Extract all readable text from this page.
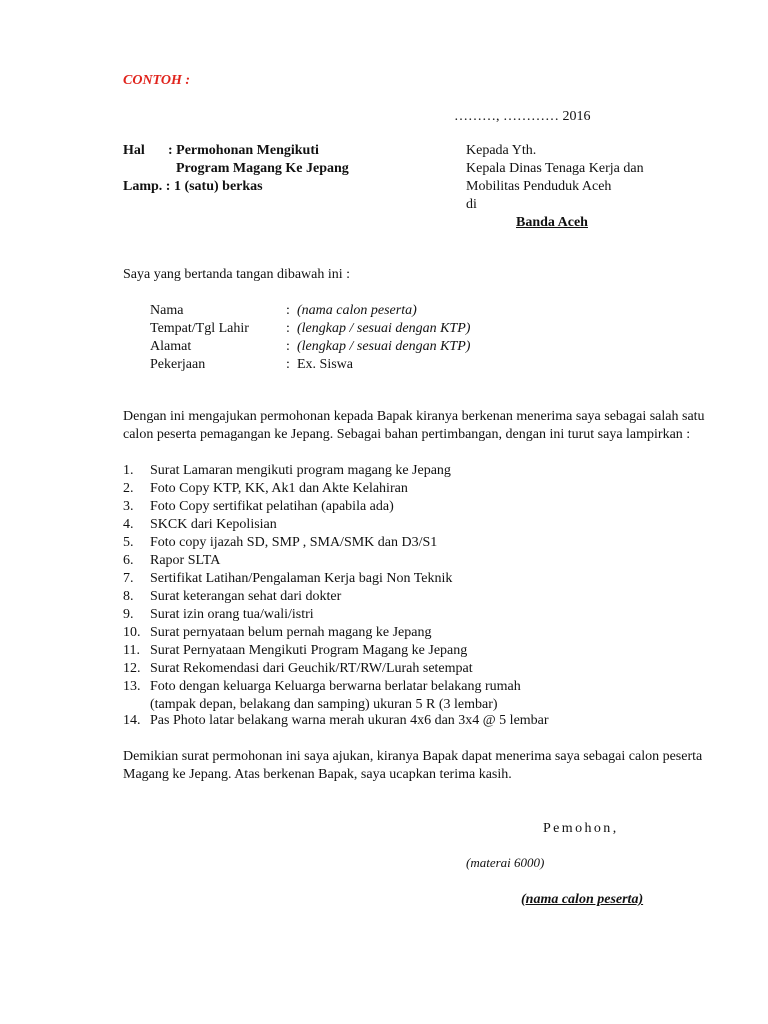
CONTOH :
………, ………… 2016
Hal : Permohonan Mengikuti
Program Magang Ke Jepang
Lamp. : 1 (satu) berkas
Kepada Yth.
Kepala Dinas Tenaga Kerja dan
Mobilitas Penduduk Aceh
di
Banda Aceh
Saya yang bertanda tangan dibawah ini :
Nama	: (nama calon peserta)
Tempat/Tgl Lahir	: (lengkap / sesuai dengan KTP)
Alamat	: (lengkap / sesuai dengan KTP)
Pekerjaan	: Ex. Siswa
Dengan ini mengajukan permohonan kepada Bapak kiranya berkenan menerima saya sebagai salah satu
calon peserta pemagangan ke Jepang. Sebagai bahan pertimbangan, dengan ini turut saya lampirkan :
1. Surat Lamaran mengikuti program magang ke Jepang
2. Foto Copy KTP, KK, Ak1 dan Akte Kelahiran
3. Foto Copy sertifikat pelatihan (apabila ada)
4. SKCK dari Kepolisian
5. Foto copy ijazah SD, SMP , SMA/SMK dan D3/S1
6. Rapor SLTA
7. Sertifikat Latihan/Pengalaman Kerja bagi Non Teknik
8. Surat keterangan sehat dari dokter
9. Surat izin orang tua/wali/istri
10. Surat pernyataan belum pernah magang ke Jepang
11. Surat Pernyataan Mengikuti Program Magang ke Jepang
12. Surat Rekomendasi dari Geuchik/RT/RW/Lurah setempat
13. Foto dengan keluarga Keluarga berwarna berlatar belakang rumah
(tampak depan, belakang dan samping) ukuran 5 R (3 lembar)
14. Pas Photo latar belakang warna merah ukuran 4x6 dan 3x4 @ 5 lembar
Demikian surat permohonan ini saya ajukan, kiranya Bapak dapat menerima saya sebagai calon peserta
Magang ke Jepang. Atas berkenan Bapak, saya ucapkan terima kasih.
Pemohon,
(materai 6000)
(nama calon peserta)
